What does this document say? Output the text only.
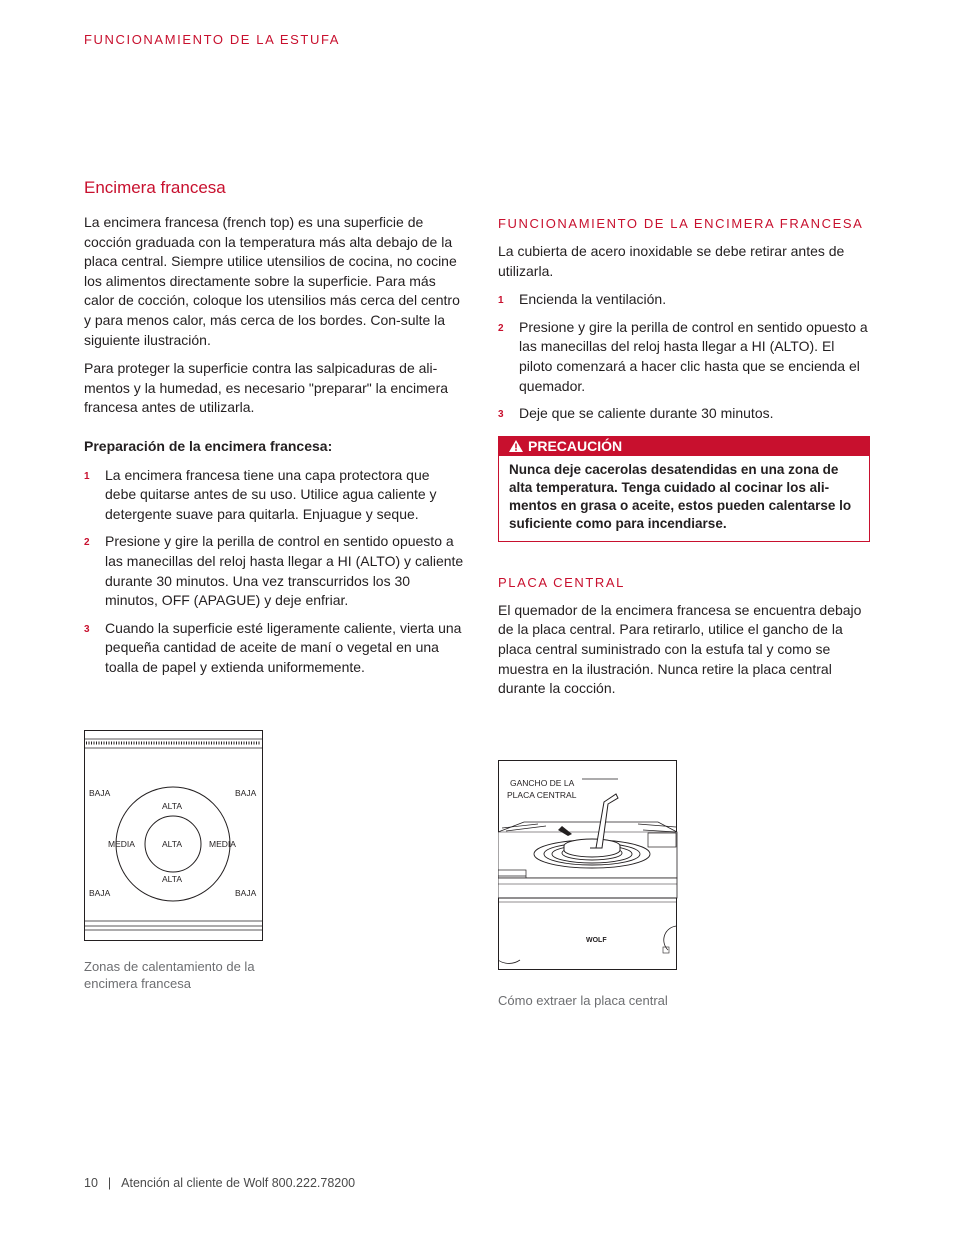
FUNCIONAMIENTO DE LA ESTUFA
Encimera francesa

La encimera francesa (french top) es una superficie de cocción graduada con la temperatura más alta debajo de la placa central. Siempre utilice utensilios de cocina, no cocine los alimentos directamente sobre la superficie. Para más calor de cocción, coloque los utensilios más cerca del centro y para menos calor, más cerca de los bordes. Con-sulte la siguiente ilustración.

Para proteger la superficie contra las salpicaduras de ali-mentos y la humedad, es necesario "preparar" la encimera francesa antes de utilizarla.

Preparación de la encimera francesa:
1 La encimera francesa tiene una capa protectora que debe quitarse antes de su uso. Utilice agua caliente y detergente suave para quitarla. Enjuague y seque.
2 Presione y gire la perilla de control en sentido opuesto a las manecillas del reloj hasta llegar a HI (ALTO) y caliente durante 30 minutos. Una vez transcurridos los 30 minutos, OFF (APAGUE) y deje enfriar.
3 Cuando la superficie esté ligeramente caliente, vierta una pequeña cantidad de aceite de maní o vegetal en una toalla de papel y extienda uniformemente.
FUNCIONAMIENTO DE LA ENCIMERA FRANCESA

La cubierta de acero inoxidable se debe retirar antes de utilizarla.

1 Encienda la ventilación.
2 Presione y gire la perilla de control en sentido opuesto a las manecillas del reloj hasta llegar a HI (ALTO). El piloto comenzará a hacer clic hasta que se encienda el quemador.
3 Deje que se caliente durante 30 minutos.
PRECAUCIÓN
Nunca deje cacerolas desatendidas en una zona de alta temperatura. Tenga cuidado al cocinar los ali-mentos en grasa o aceite, estos pueden calentarse lo suficiente como para incendiarse.
PLACA CENTRAL

El quemador de la encimera francesa se encuentra debajo de la placa central. Para retirarlo, utilice el gancho de la placa central suministrado con la estufa tal y como se muestra en la ilustración. Nunca retire la placa central durante la cocción.

BAJA	BAJA
ALTA
MEDIA	ALTA	MEDIA
ALTA
BAJA	BAJA
Zonas de calentamiento de la encimera francesa
GANCHO DE LA
PLACA CENTRAL
WOLF
Cómo extraer la placa central
10 | Atención al cliente de Wolf 800.222.78200
